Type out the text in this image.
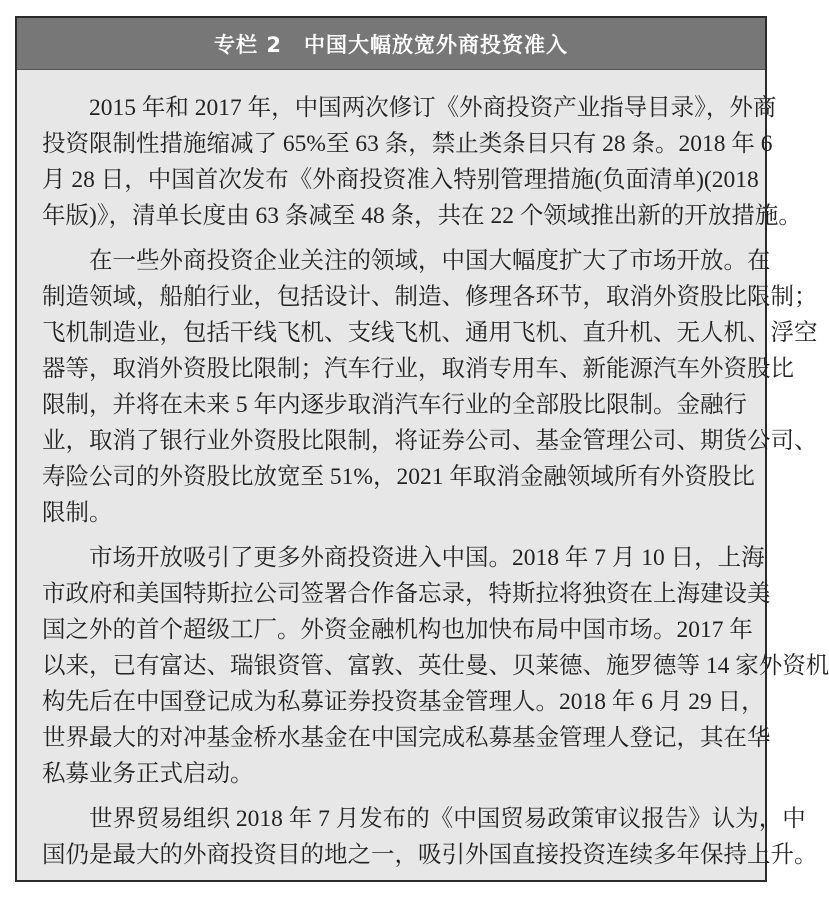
专栏 2 中国大幅放宽外商投资准入
2015 年和 2017 年，中国两次修订《外商投资产业指导目录》，外商
投资限制性措施缩减了 65%至 63 条，禁止类条目只有 28 条。2018 年 6
月 28 日，中国首次发布《外商投资准入特别管理措施(负面清单)(2018
年版)》，清单长度由 63 条减至 48 条，共在 22 个领域推出新的开放措施。
在一些外商投资企业关注的领域，中国大幅度扩大了市场开放。在
制造领域，船舶行业，包括设计、制造、修理各环节，取消外资股比限制；
飞机制造业，包括干线飞机、支线飞机、通用飞机、直升机、无人机、浮空
器等，取消外资股比限制；汽车行业，取消专用车、新能源汽车外资股比
限制，并将在未来 5 年内逐步取消汽车行业的全部股比限制。金融行
业，取消了银行业外资股比限制，将证券公司、基金管理公司、期货公司、
寿险公司的外资股比放宽至 51%，2021 年取消金融领域所有外资股比
限制。
市场开放吸引了更多外商投资进入中国。2018 年 7 月 10 日，上海
市政府和美国特斯拉公司签署合作备忘录，特斯拉将独资在上海建设美
国之外的首个超级工厂。外资金融机构也加快布局中国市场。2017 年
以来，已有富达、瑞银资管、富敦、英仕曼、贝莱德、施罗德等 14 家外资机
构先后在中国登记成为私募证券投资基金管理人。2018 年 6 月 29 日，
世界最大的对冲基金桥水基金在中国完成私募基金管理人登记，其在华
私募业务正式启动。
世界贸易组织 2018 年 7 月发布的《中国贸易政策审议报告》认为，中
国仍是最大的外商投资目的地之一，吸引外国直接投资连续多年保持上升。
